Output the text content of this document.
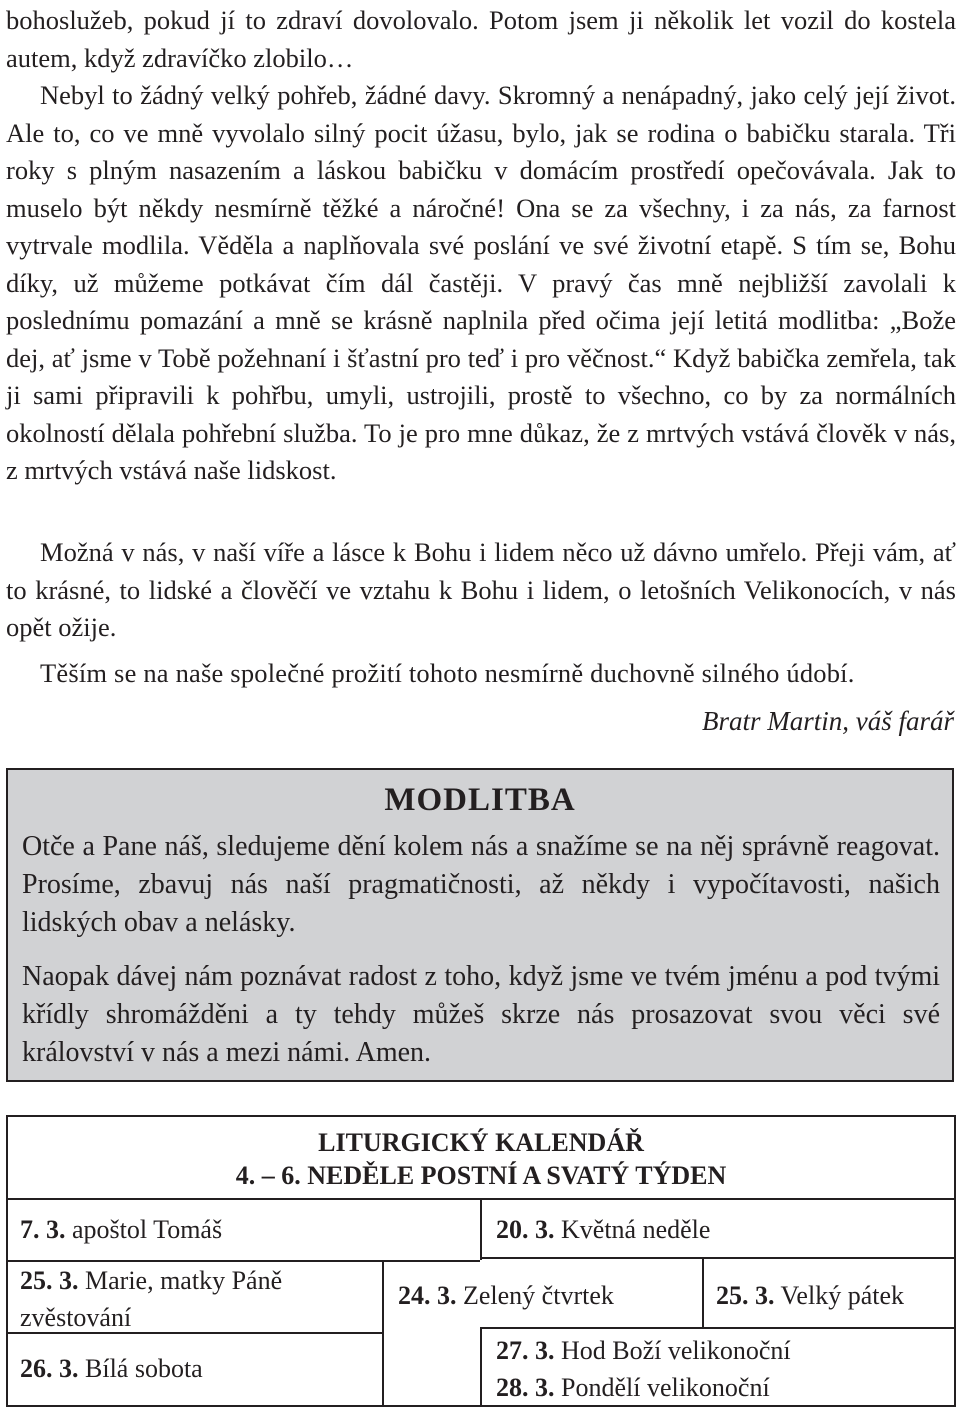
bohoslužeb, pokud jí to zdraví dovolovalo. Potom jsem ji několik let vozil do kostela autem, když zdravíčko zlobilo…

Nebyl to žádný velký pohřeb, žádné davy. Skromný a nenápadný, jako celý její život. Ale to, co ve mně vyvolalo silný pocit úžasu, bylo, jak se rodina o babičku starala. Tři roky s plným nasazením a láskou babičku v domácím prostředí opečovávala. Jak to muselo být někdy nesmírně těžké a náročné! Ona se za všechny, i za nás, za farnost vytrvale modlila. Věděla a naplňovala své poslání ve své životní etapě. S tím se, Bohu díky, už můžeme potkávat čím dál častěji. V pravý čas mně nejbližší zavolali k poslednímu pomazání a mně se krásně naplnila před očima její letitá modlitba: „Bože dej, ať jsme v Tobě požehnaní i šťastní pro teď i pro věčnost.“ Když babička zemřela, tak ji sami připravili k pohřbu, umyli, ustrojili, prostě to všechno, co by za normálních okolností dělala pohřební služba. To je pro mne důkaz, že z mrtvých vstává člověk v nás, z mrtvých vstává naše lidskost.

Možná v nás, v naší víře a lásce k Bohu i lidem něco už dávno umřelo. Přeji vám, ať to krásné, to lidské a člověčí ve vztahu k Bohu i lidem, o letošních Velikonocích, v nás opět ožije.

Těším se na naše společné prožití tohoto nesmírně duchovně silného údobí.

Bratr Martin, váš farář
MODLITBA

Otče a Pane náš, sledujeme dění kolem nás a snažíme se na něj správně reagovat. Prosíme, zbavuj nás naší pragmatičnosti, až někdy i vypočítavosti, našich lidských obav a nelásky.

Naopak dávej nám poznávat radost z toho, když jsme ve tvém jménu a pod tvými křídly shromážděni a ty tehdy můžeš skrze nás prosazovat svou věci své království v nás a mezi námi. Amen.

LITURGICKÝ KALENDÁŘ
4. – 6. NEDĚLE POSTNÍ A SVATÝ TÝDEN
7. 3. apoštol Tomáš	20. 3. Květná neděle
25. 3. Marie, matky Páně zvěstování
24. 3. Zelený čtvrtek	25. 3. Velký pátek
26. 3. Bílá sobota
27. 3. Hod Boží velikonoční
28. 3. Pondělí velikonoční
